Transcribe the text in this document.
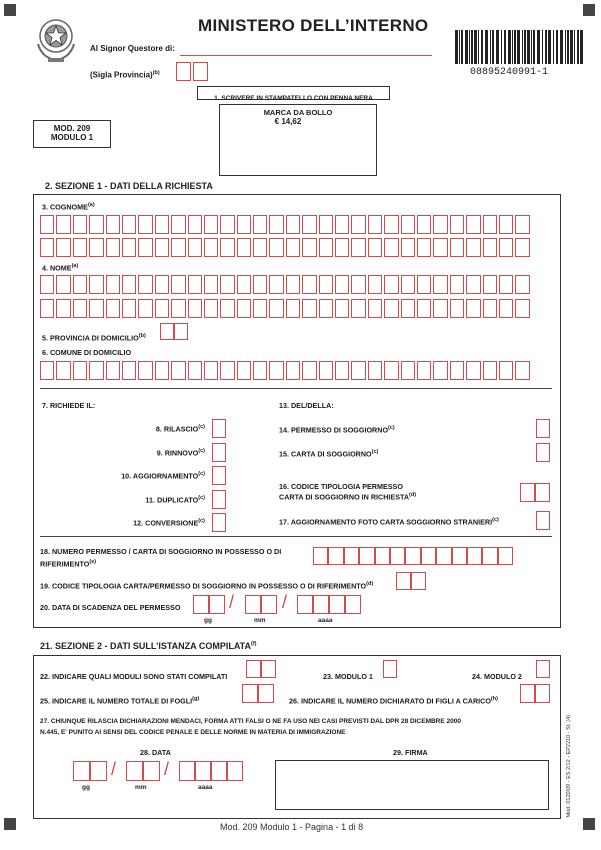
MINISTERO DELL’INTERNO
Al Signor Questore di:
(Sigla Provincia)$^{(b)}$	08895240991-1
1. SCRIVERE IN STAMPATELLO CON PENNA NERA
MOD. 209
MODULO 1
MARCA DA BOLLO
€ 14,62
2. SEZIONE 1 - DATI DELLA RICHIESTA
3. COGNOME$^{(a)}$
4. NOME$^{(a)}$
5. PROVINCIA DI DOMICILIO$^{(b)}$
6. COMUNE DI DOMICILIO
7. RICHIEDE IL:	13. DEL/DELLA:
8. RILASCIO$^{(c)}$
9. RINNOVO$^{(c)}$
10. AGGIORNAMENTO$^{(c)}$
11. DUPLICATO$^{(c)}$
12. CONVERSIONE$^{(c)}$
14. PERMESSO DI SOGGIORNO$^{(c)}$
15. CARTA DI SOGGIORNO$^{(c)}$
16. CODICE TIPOLOGIA PERMESSO
CARTA DI SOGGIORNO IN RICHIESTA$^{(d)}$
17. AGGIORNAMENTO FOTO CARTA SOGGIORNO STRANIERI$^{(c)}$
18. NUMERO PERMESSO / CARTA DI SOGGIORNO IN POSSESSO O DI
RIFERIMENTO$^{(e)}$
19. CODICE TIPOLOGIA CARTA/PERMESSO DI SOGGIORNO IN POSSESSO O DI RIFERIMENTO$^{(d)}$
20. DATA DI SCADENZA DEL PERMESSO	/	/
gg	mm	aaaa
21. SEZIONE 2 - DATI SULL’ISTANZA COMPILATA$^{(f)}$
22. INDICARE QUALI MODULI SONO STATI COMPILATI	23. MODULO 1	24. MODULO 2
25. INDICARE IL NUMERO TOTALE DI FOGLI$^{(g)}$	26. INDICARE IL NUMERO DICHIARATO DI FIGLI A CARICO$^{(h)}$
27. CHIUNQUE RILASCIA DICHIARAZIONI MENDACI, FORMA ATTI FALSI O NE FA USO NEI CASI PREVISTI DAL DPR 28 DICEMBRE 2000
N.445, E' PUNITO AI SENSI DEL CODICE PENALE E DELLE NORME IN MATERIA DI IMMIGRAZIONE
28. DATA	29. FIRMA
/	/
gg	mm	aaaa	Mod. 0120/09 - ES 2/12 - EP2210 - St. (4)
Mod. 209 Modulo 1 - Pagina - 1 di 8
